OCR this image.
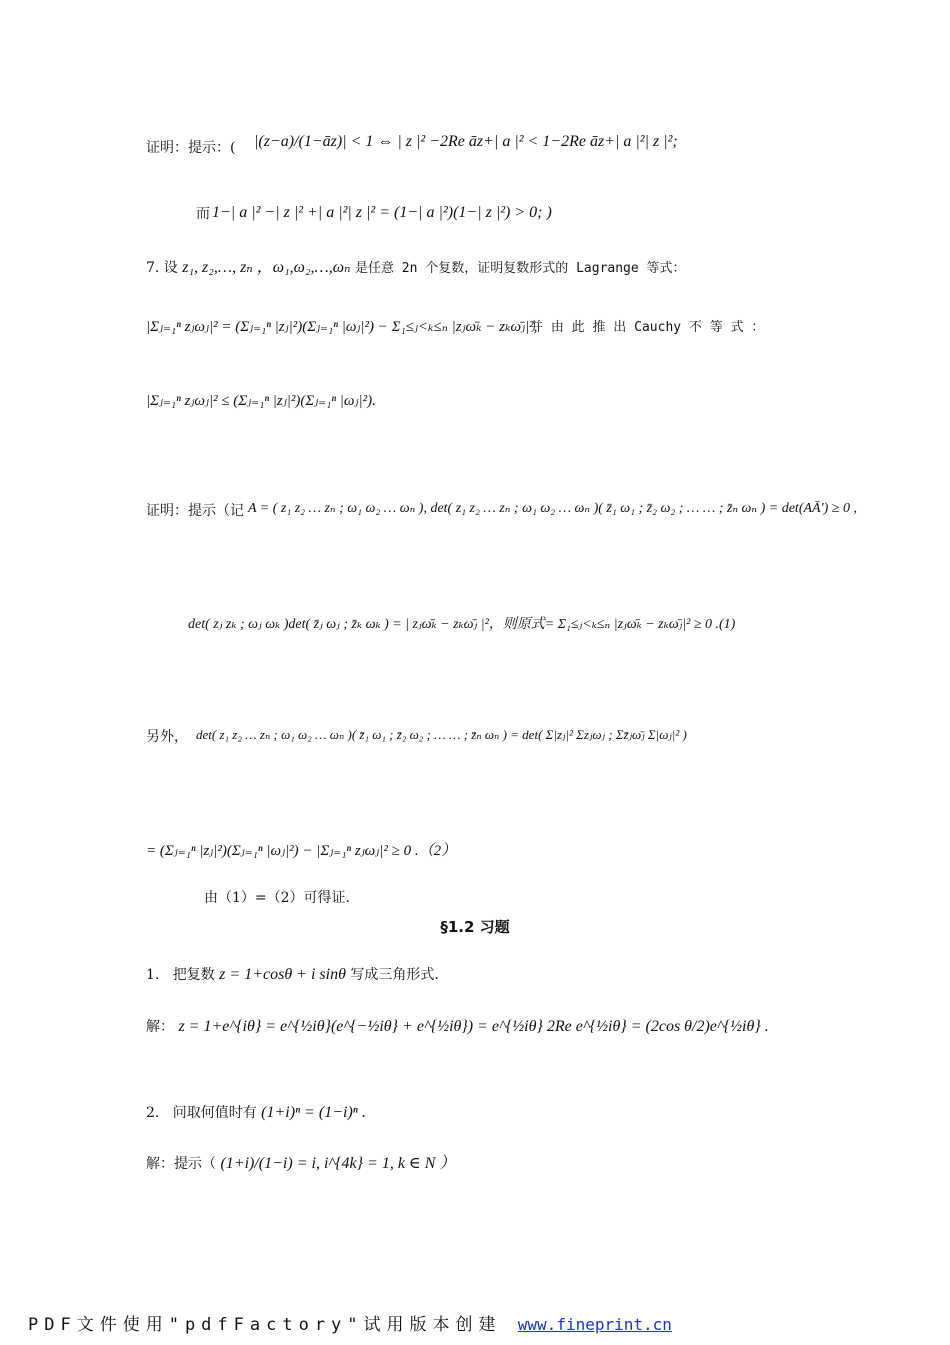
证明：提示：( |(z−a)/(1−āz)| < 1 ⇔ | z |² −2Re āz+| a |² < 1−2Re āz+| a |²| z |²;
而 1−| a |² −| z |² +| a |²| z |² = (1−| a |²)(1−| z |²) > 0; )
7. 设 z₁, z₂,…, zₙ ，ω₁,ω₂,…,ωₙ 是任意 2n 个复数，证明复数形式的 Lagrange 等式：
|Σⱼ₌₁ⁿ zⱼωⱼ|² = (Σⱼ₌₁ⁿ |zⱼ|²)(Σⱼ₌₁ⁿ |ωⱼ|²) − Σ₁≤ⱼ<ₖ≤ₙ |zⱼω̄ₖ − zₖω̄ⱼ|²,
并 由 此 推 出 Cauchy 不 等 式 ：
|Σⱼ₌₁ⁿ zⱼωⱼ|² ≤ (Σⱼ₌₁ⁿ |zⱼ|²)(Σⱼ₌₁ⁿ |ωⱼ|²).
证明：提示（记 A = ( z₁ z₂ … zₙ ; ω₁ ω₂ … ωₙ ), det( z₁ z₂ … zₙ ; ω₁ ω₂ … ωₙ )( z̄₁ ω₁ ; z̄₂ ω₂ ; … … ; z̄ₙ ωₙ ) = det(AĀ′) ≥ 0 ,
det( zⱼ zₖ ; ωⱼ ωₖ )det( z̄ⱼ ωⱼ ; z̄ₖ ωₖ ) = | zⱼω̄ₖ − zₖω̄ⱼ |²，则原式= Σ₁≤ⱼ<ₖ≤ₙ |zⱼω̄ₖ − zₖω̄ⱼ|² ≥ 0 .(1)
另外， det( z₁ z₂ … zₙ ; ω₁ ω₂ … ωₙ )( z̄₁ ω₁ ; z̄₂ ω₂ ; … … ; z̄ₙ ωₙ ) = det( Σ|zⱼ|² Σzⱼωⱼ ; Σz̄ⱼω̄ⱼ Σ|ωⱼ|² )
= (Σⱼ₌₁ⁿ |zⱼ|²)(Σⱼ₌₁ⁿ |ωⱼ|²) − |Σⱼ₌₁ⁿ zⱼωⱼ|² ≥ 0 .（2）
由（1）=（2）可得证.
§1.2 习题
1. 把复数 z = 1+cosθ + i sinθ 写成三角形式.
解： z = 1+e^{iθ} = e^{½iθ}(e^{−½iθ} + e^{½iθ}) = e^{½iθ} 2Re e^{½iθ} = (2cos θ/2)e^{½iθ} .
2. 问取何值时有 (1+i)ⁿ = (1−i)ⁿ .
解：提示（ (1+i)/(1−i) = i, i^{4k} = 1, k ∈ N ）
PDF文件使用"pdfFactory"试用版本创建 www.fineprint.cn
